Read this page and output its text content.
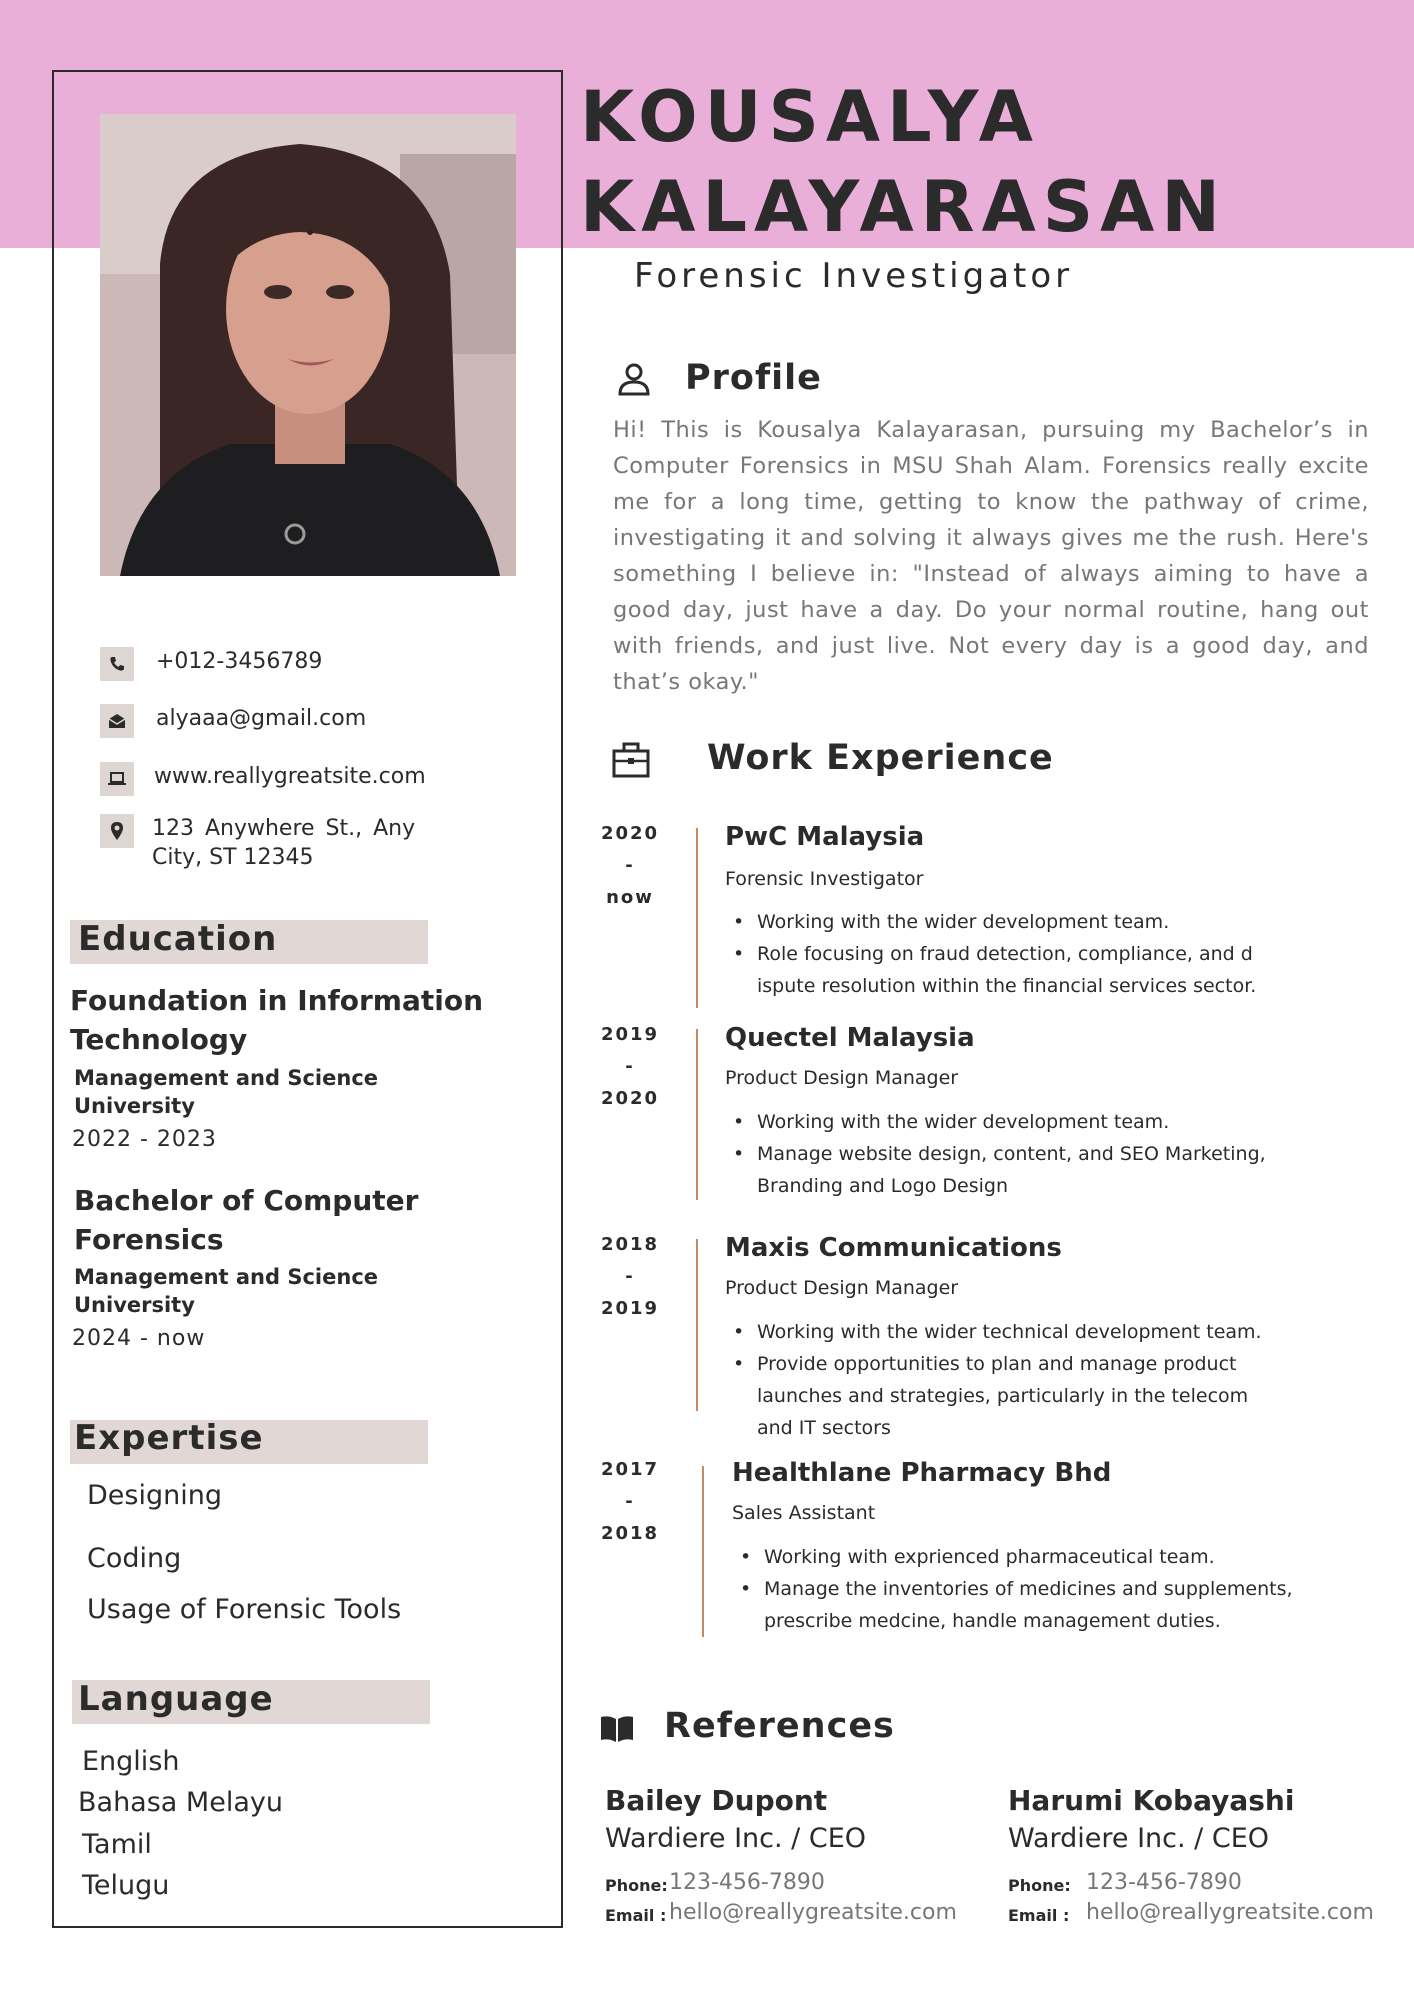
KOUSALYA
KALAYARASAN
Forensic Investigator
+012-3456789
alyaaa@gmail.com
www.reallygreatsite.com
123 Anywhere St., Any
City, ST 12345
Education
Foundation in Information
Technology
Management and Science
University
2022 - 2023
Bachelor of Computer
Forensics
Management and Science
University
2024 - now
Expertise
Designing
Coding
Usage of Forensic Tools
Language
English
Bahasa Melayu
Tamil
Telugu
Profile
Hi! This is Kousalya Kalayarasan, pursuing my Bachelor’s in Computer Forensics in MSU Shah Alam. Forensics really excite me for a long time, getting to know the pathway of crime, investigating it and solving it always gives me the rush. Here's something I believe in: "Instead of always aiming to have a good day, just have a day. Do your normal routine, hang out with friends, and just live. Not every day is a good day, and that’s okay."
Work Experience
2020
-
now
PwC Malaysia
Forensic Investigator
• Working with the wider development team.
• Role focusing on fraud detection, compliance, and d
ispute resolution within the financial services sector.
2019
-
2020
Quectel Malaysia
Product Design Manager
• Working with the wider development team.
• Manage website design, content, and SEO Marketing,
Branding and Logo Design
2018
-
2019
Maxis Communications
Product Design Manager
• Working with the wider technical development team.
• Provide opportunities to plan and manage product
launches and strategies, particularly in the telecom
and IT sectors
2017
-
2018
Healthlane Pharmacy Bhd
Sales Assistant
• Working with exprienced pharmaceutical team.
• Manage the inventories of medicines and supplements,
prescribe medcine, handle management duties.
References
Bailey Dupont
Wardiere Inc. / CEO
Phone: 123-456-7890
Email : hello@reallygreatsite.com
Harumi Kobayashi
Wardiere Inc. / CEO
Phone: 123-456-7890
Email : hello@reallygreatsite.com
